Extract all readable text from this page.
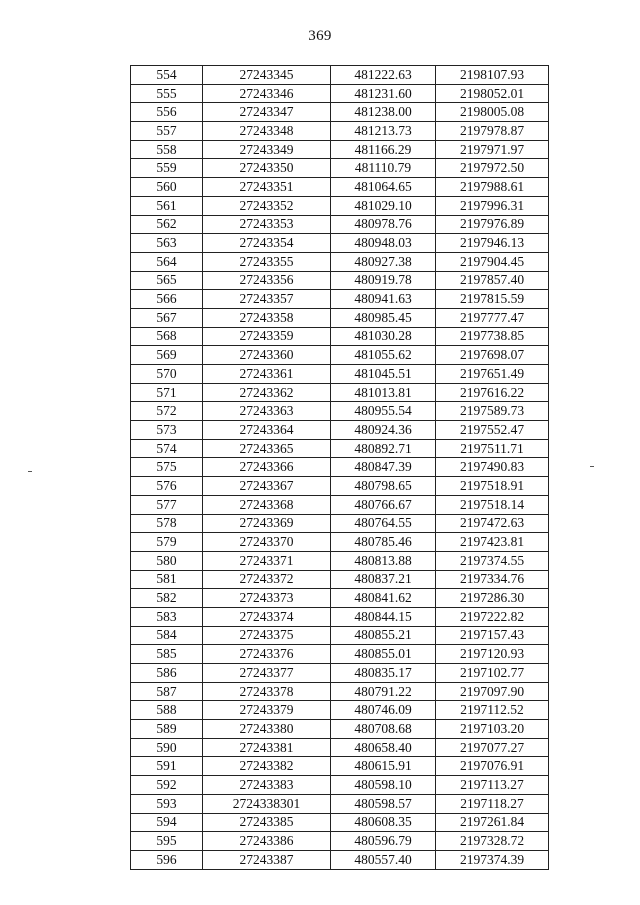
369
554	27243345	481222.63	2198107.93
555	27243346	481231.60	2198052.01
556	27243347	481238.00	2198005.08
557	27243348	481213.73	2197978.87
558	27243349	481166.29	2197971.97
559	27243350	481110.79	2197972.50
560	27243351	481064.65	2197988.61
561	27243352	481029.10	2197996.31
562	27243353	480978.76	2197976.89
563	27243354	480948.03	2197946.13
564	27243355	480927.38	2197904.45
565	27243356	480919.78	2197857.40
566	27243357	480941.63	2197815.59
567	27243358	480985.45	2197777.47
568	27243359	481030.28	2197738.85
569	27243360	481055.62	2197698.07
570	27243361	481045.51	2197651.49
571	27243362	481013.81	2197616.22
572	27243363	480955.54	2197589.73
573	27243364	480924.36	2197552.47
574	27243365	480892.71	2197511.71
575	27243366	480847.39	2197490.83
576	27243367	480798.65	2197518.91
577	27243368	480766.67	2197518.14
578	27243369	480764.55	2197472.63
579	27243370	480785.46	2197423.81
580	27243371	480813.88	2197374.55
581	27243372	480837.21	2197334.76
582	27243373	480841.62	2197286.30
583	27243374	480844.15	2197222.82
584	27243375	480855.21	2197157.43
585	27243376	480855.01	2197120.93
586	27243377	480835.17	2197102.77
587	27243378	480791.22	2197097.90
588	27243379	480746.09	2197112.52
589	27243380	480708.68	2197103.20
590	27243381	480658.40	2197077.27
591	27243382	480615.91	2197076.91
592	27243383	480598.10	2197113.27
593	2724338301	480598.57	2197118.27
594	27243385	480608.35	2197261.84
595	27243386	480596.79	2197328.72
596	27243387	480557.40	2197374.39
